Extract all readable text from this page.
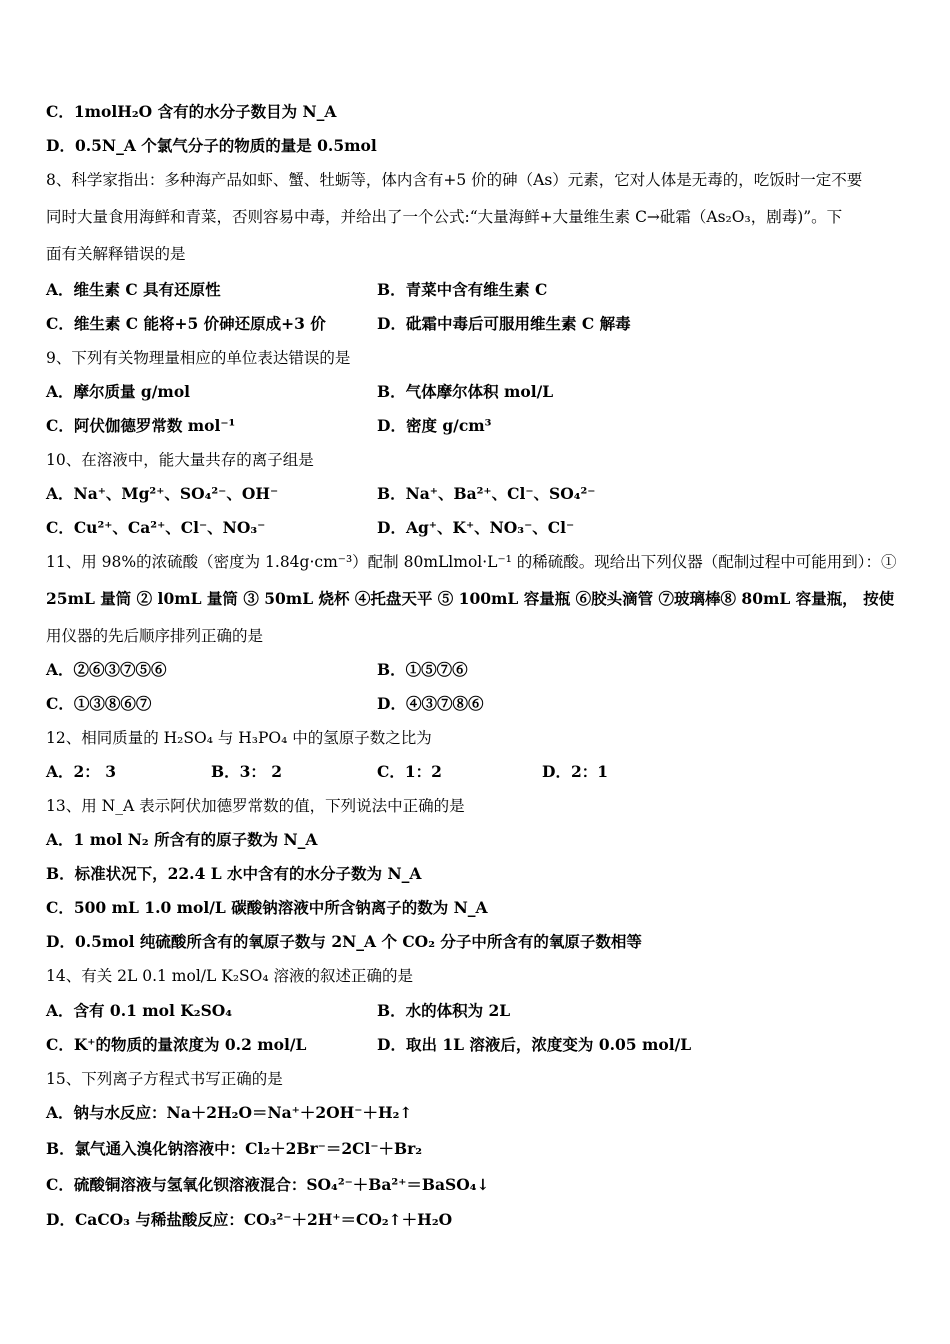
C．1molH₂O 含有的水分子数目为 N_A
D．0.5N_A 个氯气分子的物质的量是 0.5mol
8、科学家指出：多种海产品如虾、蟹、牡蛎等，体内含有+5 价的砷（As）元素，它对人体是无毒的，吃饭时一定不要
同时大量食用海鲜和青菜，否则容易中毒，并给出了一个公式:“大量海鲜+大量维生素 C→砒霜（As₂O₃，剧毒)”。下
面有关解释错误的是
A．维生素 C 具有还原性	B．青菜中含有维生素 C
C．维生素 C 能将+5 价砷还原成+3 价	D．砒霜中毒后可服用维生素 C 解毒
9、下列有关物理量相应的单位表达错误的是
A．摩尔质量 g/mol	B．气体摩尔体积 mol/L
C．阿伏伽德罗常数 mol⁻¹	D．密度 g/cm³
10、在溶液中，能大量共存的离子组是
A．Na⁺、Mg²⁺、SO₄²⁻、OH⁻	B．Na⁺、Ba²⁺、Cl⁻、SO₄²⁻
C．Cu²⁺、Ca²⁺、Cl⁻、NO₃⁻	D．Ag⁺、K⁺、NO₃⁻、Cl⁻
11、用 98%的浓硫酸（密度为 1.84g·cm⁻³）配制 80mLlmol·L⁻¹ 的稀硫酸。现给出下列仪器（配制过程中可能用到）：①
25mL 量筒 ② l0mL 量筒 ③ 50mL 烧杯 ④托盘天平 ⑤ 100mL 容量瓶 ⑥胶头滴管 ⑦玻璃棒⑧ 80mL 容量瓶， 按使
用仪器的先后顺序排列正确的是
A．②⑥③⑦⑤⑥	B．①⑤⑦⑥
C．①③⑧⑥⑦	D．④③⑦⑧⑥
12、相同质量的 H₂SO₄ 与 H₃PO₄ 中的氢原子数之比为
A．2： 3	B．3： 2	C．1：2	D．2：1
13、用 N_A 表示阿伏加德罗常数的值，下列说法中正确的是
A．1 mol N₂ 所含有的原子数为 N_A
B．标准状况下，22.4 L 水中含有的水分子数为 N_A
C．500 mL 1.0 mol/L 碳酸钠溶液中所含钠离子的数为 N_A
D．0.5mol 纯硫酸所含有的氧原子数与 2N_A 个 CO₂ 分子中所含有的氧原子数相等
14、有关 2L 0.1 mol/L K₂SO₄ 溶液的叙述正确的是
A．含有 0.1 mol K₂SO₄	B．水的体积为 2L
C．K⁺的物质的量浓度为 0.2 mol/L	D．取出 1L 溶液后，浓度变为 0.05 mol/L
15、下列离子方程式书写正确的是
A．钠与水反应：Na＋2H₂O＝Na⁺＋2OH⁻＋H₂↑
B．氯气通入溴化钠溶液中：Cl₂＋2Br⁻＝2Cl⁻＋Br₂
C．硫酸铜溶液与氢氧化钡溶液混合：SO₄²⁻＋Ba²⁺＝BaSO₄↓
D．CaCO₃ 与稀盐酸反应：CO₃²⁻＋2H⁺＝CO₂↑＋H₂O
